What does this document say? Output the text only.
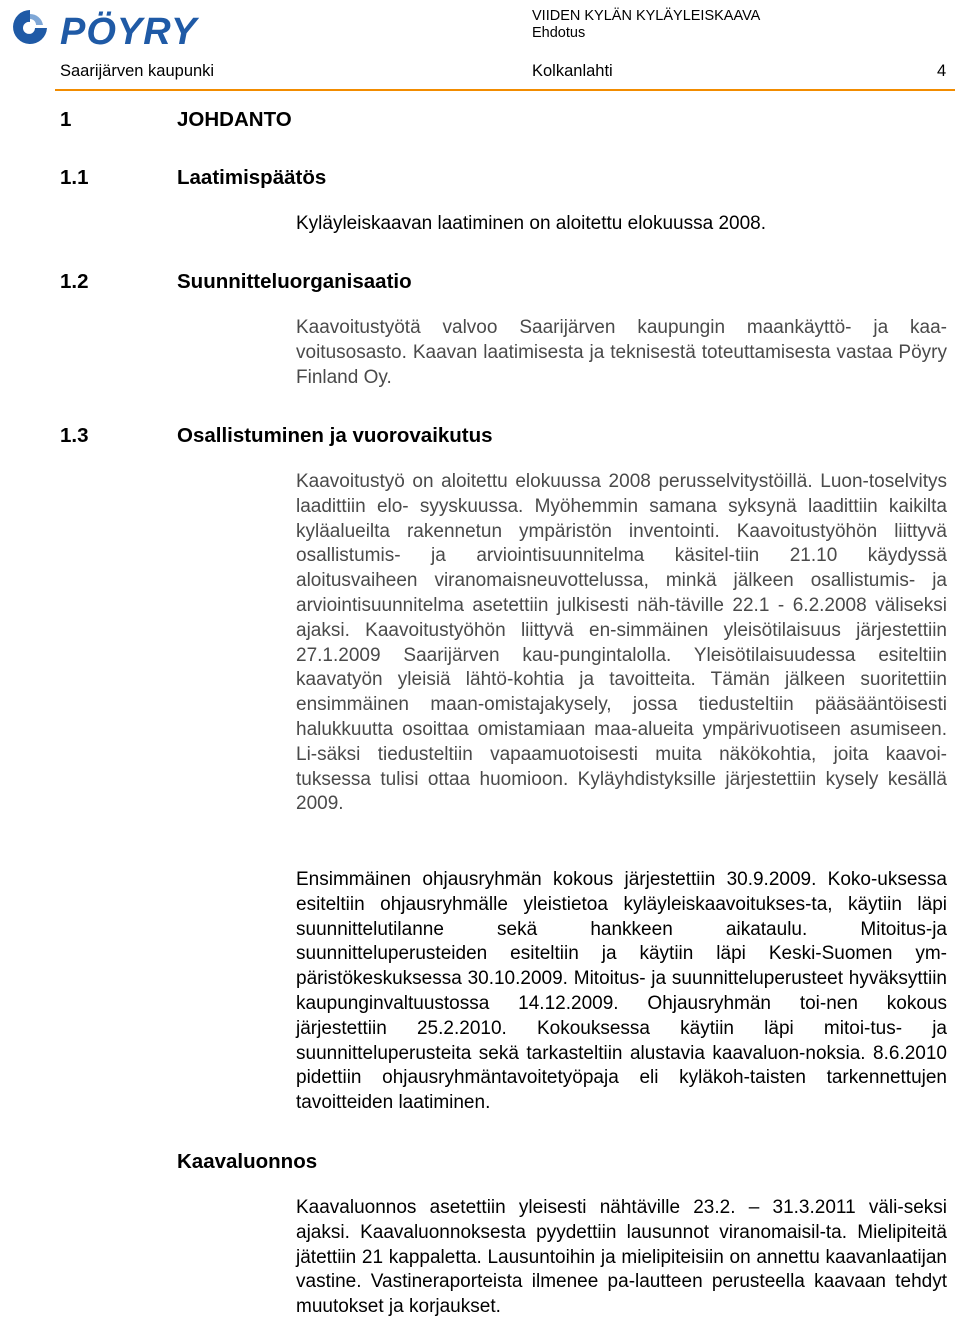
PÖYRY	VIIDEN KYLÄN KYLÄYLEISKAAVA
Ehdotus
Saarijärven kaupunki	Kolkanlahti	4
1	JOHDANTO
1.1	Laatimispäätös
Kyläyleiskaavan laatiminen on aloitettu elokuussa 2008.
1.2	Suunnitteluorganisaatio
Kaavoitustyötä valvoo Saarijärven kaupungin maankäyttö- ja kaa-voitusosasto. Kaavan laatimisesta ja teknisestä toteuttamisesta vastaa Pöyry Finland Oy.
1.3	Osallistuminen ja vuorovaikutus
Kaavoitustyö on aloitettu elokuussa 2008 perusselvitystöillä. Luon-toselvitys laadittiin elo- syyskuussa. Myöhemmin samana syksynä laadittiin kaikilta kyläalueilta rakennetun ympäristön inventointi. Kaavoitustyöhön liittyvä osallistumis- ja arviointisuunnitelma käsitel-tiin 21.10 käydyssä aloitusvaiheen viranomaisneuvottelussa, minkä jälkeen osallistumis- ja arviointisuunnitelma asetettiin julkisesti näh-täville 22.1 - 6.2.2008 väliseksi ajaksi. Kaavoitustyöhön liittyvä en-simmäinen yleisötilaisuus järjestettiin 27.1.2009 Saarijärven kau-pungintalolla. Yleisötilaisuudessa esiteltiin kaavatyön yleisiä lähtö-kohtia ja tavoitteita. Tämän jälkeen suoritettiin ensimmäinen maan-omistajakysely, jossa tiedusteltiin pääsääntöisesti halukkuutta osoittaa omistamiaan maa-alueita ympärivuotiseen asumiseen. Li-säksi tiedusteltiin vapaamuotoisesti muita näkökohtia, joita kaavoi-tuksessa tulisi ottaa huomioon. Kyläyhdistyksille järjestettiin kysely kesällä 2009.
Ensimmäinen ohjausryhmän kokous järjestettiin 30.9.2009. Koko-uksessa esiteltiin ohjausryhmälle yleistietoa kyläyleiskaavoitukses-ta, käytiin läpi suunnittelutilanne sekä hankkeen aikataulu. Mitoitus-ja suunnitteluperusteiden esiteltiin ja käytiin läpi Keski-Suomen ym-päristökeskuksessa 30.10.2009. Mitoitus- ja suunnitteluperusteet hyväksyttiin kaupunginvaltuustossa 14.12.2009. Ohjausryhmän toi-nen kokous järjestettiin 25.2.2010. Kokouksessa käytiin läpi mitoi-tus- ja suunnitteluperusteita sekä tarkasteltiin alustavia kaavaluon-noksia. 8.6.2010 pidettiin ohjausryhmäntavoitetyöpaja eli kyläkoh-taisten tarkennettujen tavoitteiden laatiminen.
Kaavaluonnos
Kaavaluonnos asetettiin yleisesti nähtäville 23.2. – 31.3.2011 väli-seksi ajaksi. Kaavaluonnoksesta pyydettiin lausunnot viranomaisil-ta. Mielipiteitä jätettiin 21 kappaletta. Lausuntoihin ja mielipiteisiin on annettu kaavanlaatijan vastine. Vastineraporteista ilmenee pa-lautteen perusteella kaavaan tehdyt muutokset ja korjaukset.
